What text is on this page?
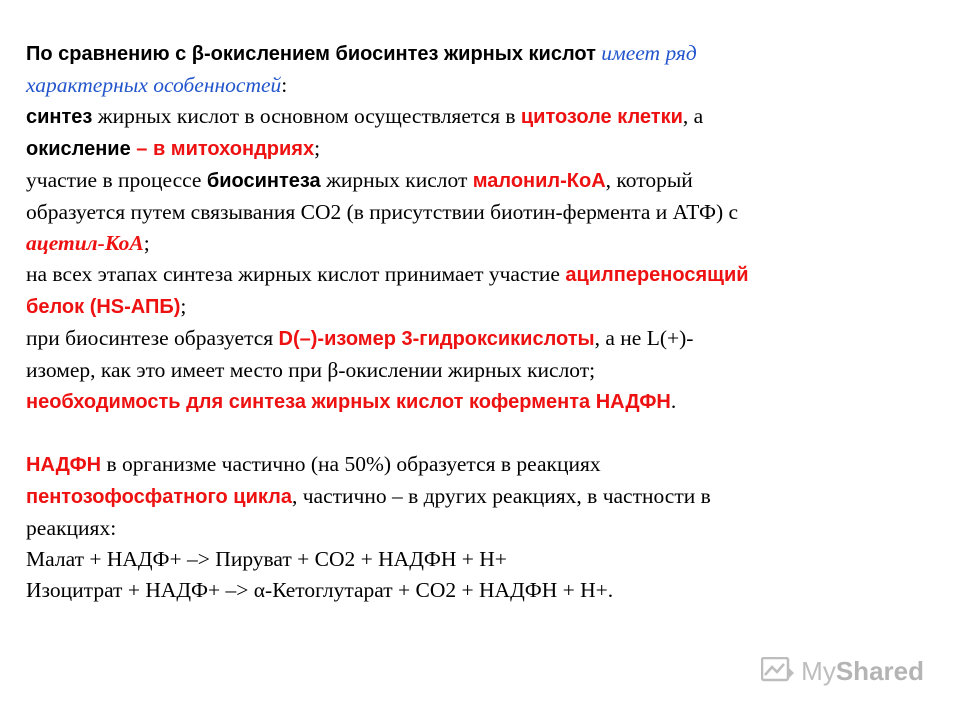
По сравнению с β-окислением биосинтез жирных кислот имеет ряд
характерных особенностей:
синтез жирных кислот в основном осуществляется в цитозоле клетки, а
окисление – в митохондриях;
участие в процессе биосинтеза жирных кислот малонил-КоА, который
образуется путем связывания СО2 (в присутствии биотин-фермента и АТФ) с
ацетил-КоА;
на всех этапах синтеза жирных кислот принимает участие ацилпереносящий
белок (HS-АПБ);
при биосинтезе образуется D(–)-изомер 3-гидроксикислоты, а не L(+)-
изомер, как это имеет место при β-окислении жирных кислот;
необходимость для синтеза жирных кислот кофермента НАДФН.
НАДФН в организме частично (на 50%) образуется в реакциях
пентозофосфатного цикла, частично – в других реакциях, в частности в
реакциях:
Малат + НАДФ+ –> Пируват + СО2 + НАДФН + Н+
Изоцитрат + НАДФ+ –> α-Кетоглутарат + СО2 + НАДФН + Н+.
MyShared
